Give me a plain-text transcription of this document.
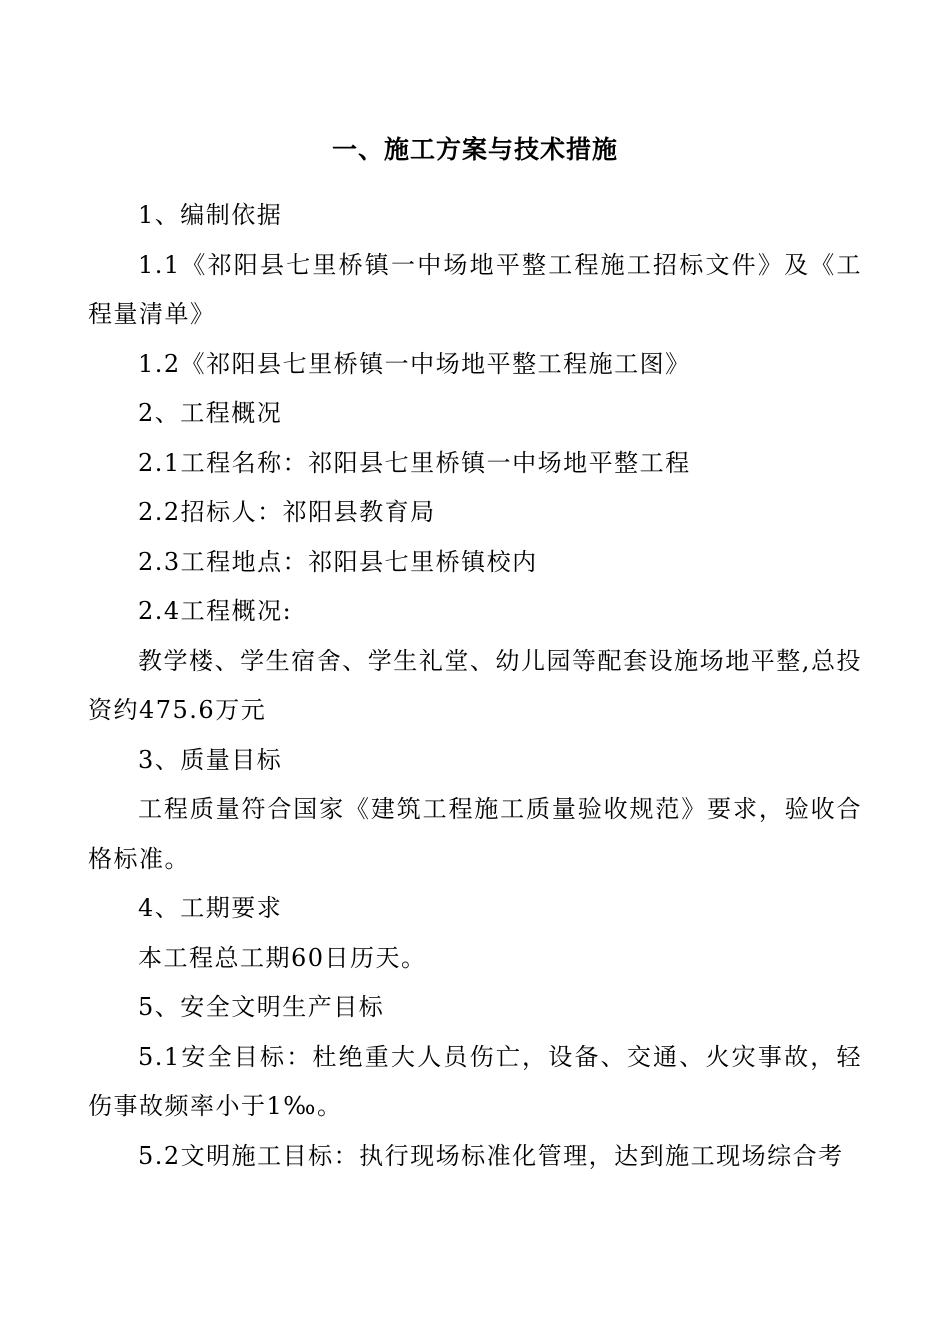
一、施工方案与技术措施

1、编制依据

1.1《祁阳县七里桥镇一中场地平整工程施工招标文件》及《工程量清单》

1.2《祁阳县七里桥镇一中场地平整工程施工图》

2、工程概况

2.1工程名称：祁阳县七里桥镇一中场地平整工程

2.2招标人：祁阳县教育局

2.3工程地点：祁阳县七里桥镇校内

2.4工程概况:

教学楼、学生宿舍、学生礼堂、幼儿园等配套设施场地平整,总投资约475.6万元

3、质量目标

工程质量符合国家《建筑工程施工质量验收规范》要求，验收合格标准。

4、工期要求

本工程总工期60日历天。

5、安全文明生产目标

5.1安全目标：杜绝重大人员伤亡，设备、交通、火灾事故，轻伤事故频率小于1‰。

5.2文明施工目标：执行现场标准化管理，达到施工现场综合考
